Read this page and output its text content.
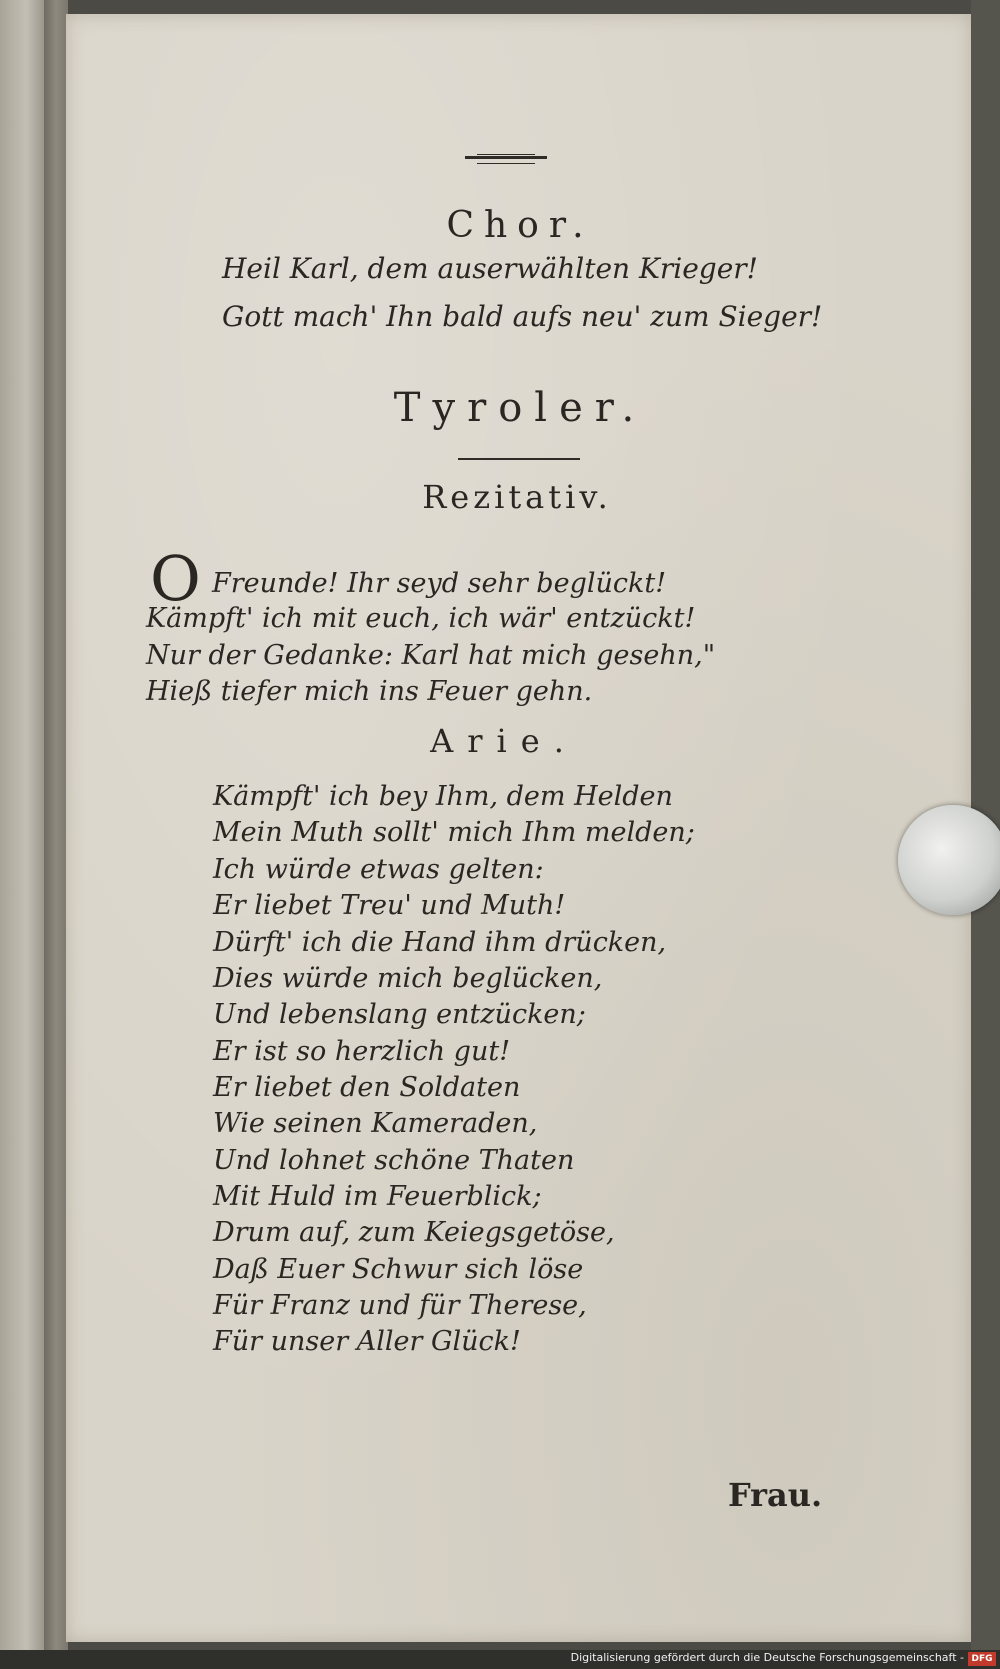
Chor.
Heil Karl, dem auserwählten Krieger!
Gott mach' Ihn bald aufs neu' zum Sieger!
Tyroler.
Rezitativ.
O Freunde! Ihr seyd sehr beglückt!
Kämpft' ich mit euch, ich wär' entzückt!
Nur der Gedanke: Karl hat mich gesehn,"
Hieß tiefer mich ins Feuer gehn.
Arie.
Kämpft' ich bey Ihm, dem Helden
Mein Muth sollt' mich Ihm melden;
Ich würde etwas gelten:
Er liebet Treu' und Muth!
Dürft' ich die Hand ihm drücken,
Dies würde mich beglücken,
Und lebenslang entzücken;
Er ist so herzlich gut!
Er liebet den Soldaten
Wie seinen Kameraden,
Und lohnet schöne Thaten
Mit Huld im Feuerblick;
Drum auf, zum Keiegsgetöse,
Daß Euer Schwur sich löse
Für Franz und für Therese,
Für unser Aller Glück!
Frau.
Digitalisierung gefördert durch die Deutsche Forschungsgemeinschaft - DFG
